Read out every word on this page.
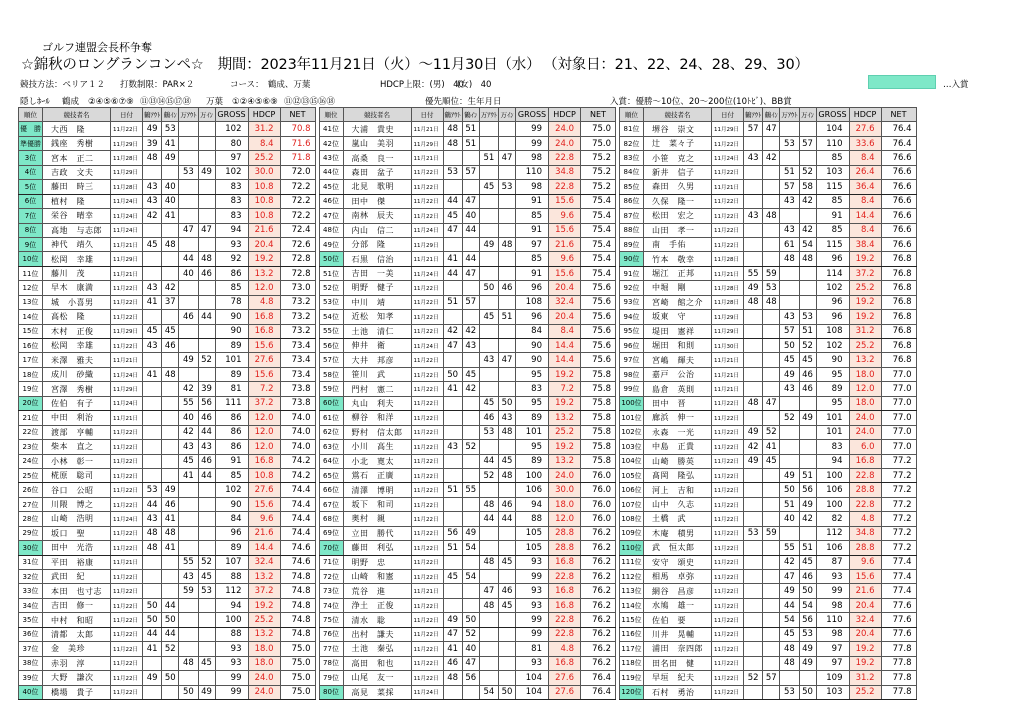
ゴルフ連盟会長杯争奪
☆錦秋のロングランコンペ☆ 期間：2023年11月21日（火）～11月30日（水） （対象日：21、22、24、28、29、30）
競技方法：ペリア１２ 打数制限：PAR×２	コース：　鶴成、万葉	HDCP上限：(男)　40
(女)　40	…入賞
隠しﾎｰﾙ 鶴成 ②④⑤⑥⑦⑨ ⑪⑬⑭⑮⑰⑱ 万葉 ①②④⑤⑥⑨ ⑪⑫⑬⑮⑯⑱	優先順位：生年月日	入賞：優勝～10位、20～200位(10ﾄﾋﾞ)、BB賞
順位	競技者名	日付	鶴ｱｳﾄ	鶴ｲﾝ	万ｱｳﾄ	万ｲﾝ	GROSS	HDCP	NET
優　勝	大西　隆	11月22日	49	53			102	31.2	70.8
準優勝	銭座　秀樹	11月29日	39	41			80	8.4	71.6
3位	宮本　正二	11月28日	48	49			97	25.2	71.8
4位	吉政　文夫	11月29日			53	49	102	30.0	72.0
5位	藤田　時三	11月28日	43	40			83	10.8	72.2
6位	植村　隆	11月24日	43	40			83	10.8	72.2
7位	栄谷　晴幸	11月24日	42	41			83	10.8	72.2
8位	高地　与志郎	11月24日			47	47	94	21.6	72.4
9位	神代　靖久	11月21日	45	48			93	20.4	72.6
10位	松岡　幸雄	11月29日			44	48	92	19.2	72.8
11位	藤川　茂	11月21日			40	46	86	13.2	72.8
12位	早木　康満	11月22日	43	42			85	12.0	73.0
13位	城　小喜男	11月22日	41	37			78	4.8	73.2
14位	高松　隆	11月22日			46	44	90	16.8	73.2
15位	木村　正俊	11月29日	45	45			90	16.8	73.2
16位	松岡　幸雄	11月22日	43	46			89	15.6	73.4
17位	米澤　雅夫	11月21日			49	52	101	27.6	73.4
18位	成川　砂織	11月24日	41	48			89	15.6	73.4
19位	宮澤　秀樹	11月29日			42	39	81	7.2	73.8
20位	佐伯　有子	11月24日			55	56	111	37.2	73.8
21位	中田　利治	11月21日			40	46	86	12.0	74.0
22位	渡部　亨輔	11月22日			42	44	86	12.0	74.0
23位	柴本　直之	11月22日			43	43	86	12.0	74.0
24位	小林　彰一	11月22日			45	46	91	16.8	74.2
25位	椛原　聡司	11月22日			41	44	85	10.8	74.2
26位	谷口　公昭	11月22日	53	49			102	27.6	74.4
27位	川隈　博之	11月22日	44	46			90	15.6	74.4
28位	山崎　浩明	11月24日	43	41			84	9.6	74.4
29位	坂口　聖	11月22日	48	48			96	21.6	74.4
30位	田中　光浩	11月22日	48	41			89	14.4	74.6
31位	平田　裕康	11月21日			55	52	107	32.4	74.6
32位	武田　紀	11月22日			43	45	88	13.2	74.8
33位	本田　也寸志	11月22日			59	53	112	37.2	74.8
34位	吉田　修一	11月22日	50	44			94	19.2	74.8
35位	中村　和昭	11月22日	50	50			100	25.2	74.8
36位	清都　太郎	11月22日	44	44			88	13.2	74.8
37位	金　美珍	11月22日	41	52			93	18.0	75.0
38位	赤羽　淳	11月22日			48	45	93	18.0	75.0
39位	大野　謙次	11月22日	49	50			99	24.0	75.0
40位	橋場　貴子	11月22日			50	49	99	24.0	75.0
順位	競技者名	日付	鶴ｱｳﾄ	鶴ｲﾝ	万ｱｳﾄ	万ｲﾝ	GROSS	HDCP	NET
41位	大浦　貴史	11月21日	48	51			99	24.0	75.0
42位	嵐山　美羽	11月29日	48	51			99	24.0	75.0
43位	高桑　良一	11月21日			51	47	98	22.8	75.2
44位	森田　盆子	11月22日	53	57			110	34.8	75.2
45位	北見　歌明	11月22日			45	53	98	22.8	75.2
46位	田中　傑	11月22日	44	47			91	15.6	75.4
47位	南林　辰夫	11月22日	45	40			85	9.6	75.4
48位	内山　信二	11月24日	47	44			91	15.6	75.4
49位	分部　隆	11月29日			49	48	97	21.6	75.4
50位	石黒　信治	11月21日	41	44			85	9.6	75.4
51位	吉田　一美	11月24日	44	47			91	15.6	75.4
52位	明野　健子	11月22日			50	46	96	20.4	75.6
53位	中川　靖	11月22日	51	57			108	32.4	75.6
54位	近松　知孝	11月22日			45	51	96	20.4	75.6
55位	土池　清仁	11月22日	42	42			84	8.4	75.6
56位	伸井　衛	11月24日	47	43			90	14.4	75.6
57位	大井　邦彦	11月22日			43	47	90	14.4	75.6
58位	笹川　武	11月22日	50	45			95	19.2	75.8
59位	門村　憲二	11月22日	41	42			83	7.2	75.8
60位	丸山　利夫	11月22日			45	50	95	19.2	75.8
61位	柳谷　和洋	11月22日			46	43	89	13.2	75.8
62位	野村　信太郎	11月22日			53	48	101	25.2	75.8
63位	小川　高生	11月22日	43	52			95	19.2	75.8
64位	小北　寛太	11月22日			44	45	89	13.2	75.8
65位	鴬石　正廣	11月22日			52	48	100	24.0	76.0
66位	清澤　博明	11月22日	51	55			106	30.0	76.0
67位	坂下　和司	11月22日			48	46	94	18.0	76.0
68位	奥村　親	11月22日			44	44	88	12.0	76.0
69位	立田　勝代	11月22日	56	49			105	28.8	76.2
70位	藤田　利弘	11月22日	51	54			105	28.8	76.2
71位	明野　忠	11月22日			48	45	93	16.8	76.2
72位	山崎　和憲	11月22日	45	54			99	22.8	76.2
73位	荒谷　進	11月21日			47	46	93	16.8	76.2
74位	浄土　正俊	11月22日			48	45	93	16.8	76.2
75位	清水　聡	11月22日	49	50			99	22.8	76.2
76位	出村　謙夫	11月22日	47	52			99	22.8	76.2
77位	土池　秦弘	11月22日	41	40			81	4.8	76.2
78位	高田　和也	11月22日	46	47			93	16.8	76.2
79位	山尾　友一	11月22日	48	56			104	27.6	76.4
80位	高見　菜採	11月24日			54	50	104	27.6	76.4
順位	競技者名	日付	鶴ｱｳﾄ	鶴ｲﾝ	万ｱｳﾄ	万ｲﾝ	GROSS	HDCP	NET
81位	堺谷　崇文	11月29日	57	47			104	27.6	76.4
82位	辻　菜々子	11月22日			53	57	110	33.6	76.4
83位	小笹　克之	11月24日	43	42			85	8.4	76.6
84位	新井　信子	11月22日			51	52	103	26.4	76.6
85位	森田　久男	11月21日			57	58	115	36.4	76.6
86位	久保　隆一	11月22日			43	42	85	8.4	76.6
87位	松田　宏之	11月22日	43	48			91	14.4	76.6
88位	山田　孝一	11月22日			43	42	85	8.4	76.6
89位	南　手佑	11月22日			61	54	115	38.4	76.6
90位	竹本　敬幸	11月28日			48	48	96	19.2	76.8
91位	堀江　正邦	11月21日	55	59			114	37.2	76.8
92位	中堀　剛	11月28日	49	53			102	25.2	76.8
93位	宮崎　館之介	11月28日	48	48			96	19.2	76.8
94位	坂東　守	11月29日			43	53	96	19.2	76.8
95位	堤田　憲祥	11月29日			57	51	108	31.2	76.8
96位	堀田　和則	11月30日			50	52	102	25.2	76.8
97位	宮嶋　輝夫	11月21日			45	45	90	13.2	76.8
98位	嘉戸　公治	11月21日			49	46	95	18.0	77.0
99位	島倉　英則	11月21日			43	46	89	12.0	77.0
100位	田中　晋	11月22日	48	47			95	18.0	77.0
101位	廊浜　伸一	11月22日			52	49	101	24.0	77.0
102位	永森　一光	11月22日	49	52			101	24.0	77.0
103位	中島　正貴	11月22日	42	41			83	6.0	77.0
104位	山崎　勝英	11月22日	49	45			94	16.8	77.2
105位	髙岡　隆弘	11月22日			49	51	100	22.8	77.2
106位	河上　吉和	11月22日			50	56	106	28.8	77.2
107位	山中　久志	11月22日			51	49	100	22.8	77.2
108位	土橋　武	11月22日			40	42	82	4.8	77.2
109位	木庵　積男	11月22日	53	59			112	34.8	77.2
110位	武　恒太郎	11月22日			55	51	106	28.8	77.2
111位	安守　頌史	11月22日			42	45	87	9.6	77.4
112位	相馬　卓弥	11月22日			47	46	93	15.6	77.4
113位	網谷　昌彦	11月22日			49	50	99	21.6	77.4
114位	水鳩　雄一	11月22日			44	54	98	20.4	77.6
115位	佐伯　要	11月22日			54	56	110	32.4	77.6
116位	川井　晃輔	11月22日			45	53	98	20.4	77.6
117位	浦田　奈四郎	11月22日			48	49	97	19.2	77.8
118位	田名田　健	11月22日			48	49	97	19.2	77.8
119位	早垣　紀夫	11月22日	52	57			109	31.2	77.8
120位	石村　勇治	11月22日			53	50	103	25.2	77.8
